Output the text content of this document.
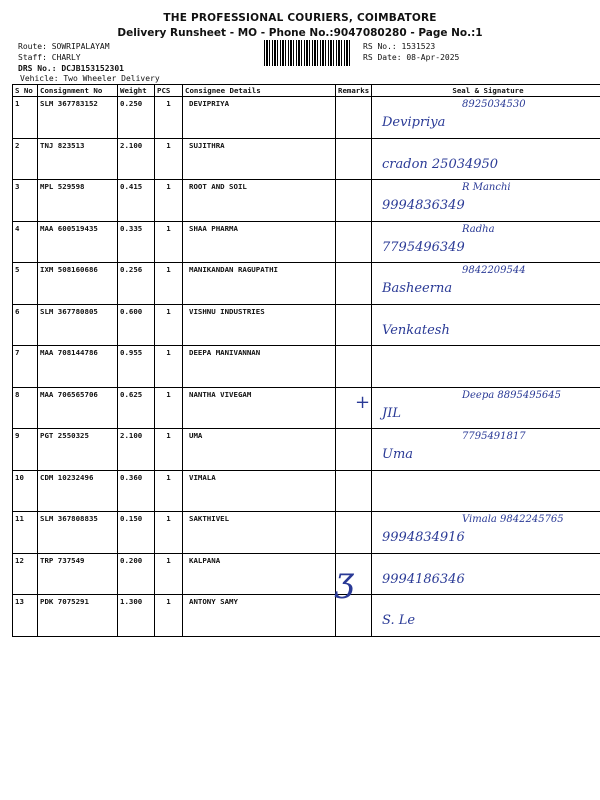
THE PROFESSIONAL COURIERS, COIMBATORE
Delivery Runsheet - MO - Phone No.:9047080280 - Page No.:1
Route: SOWRIPALAYAM
Staff: CHARLY
DRS No.: DCJB153152301
Vehicle: Two Wheeler Delivery
RS No.: 1531523
RS Date: 08-Apr-2025
S No	Consignment No	Weight	PCS	Consignee Details	Remarks	Seal & Signature
1	SLM 367783152	0.250	1	DEVIPRIYA		8925034530
Devipriya

2	TNJ 823513	2.100	1	SUJITHRA		cradon 25034950

3	MPL 529598	0.415	1	ROOT AND SOIL		R Manchi
9994836349

4	MAA 600519435	0.335	1	SHAA PHARMA		Radha
7795496349

5	IXM 508160686	0.256	1	MANIKANDAN RAGUPATHI		9842209544
Basheerna

6	SLM 367780805	0.600	1	VISHNU INDUSTRIES		Venkatesh

7	MAA 708144786	0.955	1	DEEPA MANIVANNAN		

8	MAA 706565706	0.625	1	NANTHA VIVEGAM		Deepa 8895495645
JIL

9	PGT 2550325	2.100	1	UMA		7795491817
Uma

10	CDM 10232496	0.360	1	VIMALA		

11	SLM 367808835	0.150	1	SAKTHIVEL		Vimala 9842245765
9994834916

12	TRP 737549	0.200	1	KALPANA		9994186346

13	PDK 7075291	1.300	1	ANTONY SAMY		S. Le
+
ʒ
